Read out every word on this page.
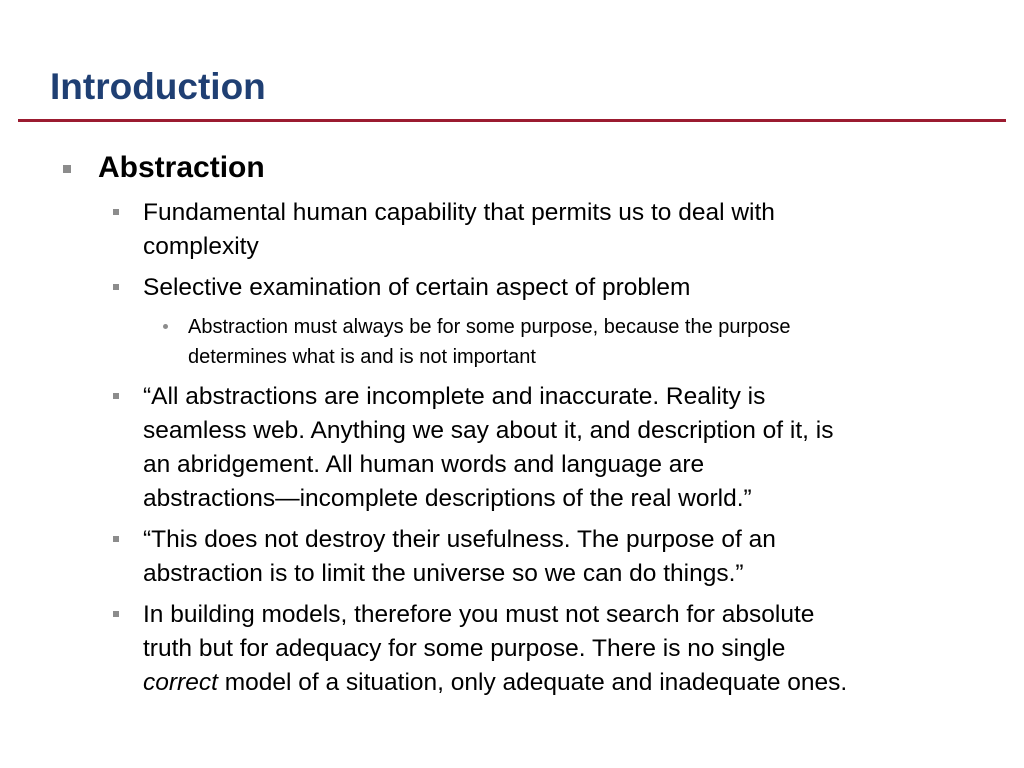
Introduction
Abstraction
Fundamental human capability that permits us to deal with
complexity
Selective examination of certain aspect of problem
Abstraction must always be for some purpose, because the purpose
determines what is and is not important
“All abstractions are incomplete and inaccurate. Reality is
seamless web. Anything we say about it, and description of it, is
an abridgement. All human words and language are
abstractions—incomplete descriptions of the real world.”
“This does not destroy their usefulness. The purpose of an
abstraction is to limit the universe so we can do things.”
In building models, therefore you must not search for absolute
truth but for adequacy for some purpose. There is no single
correct model of a situation, only adequate and inadequate ones.
